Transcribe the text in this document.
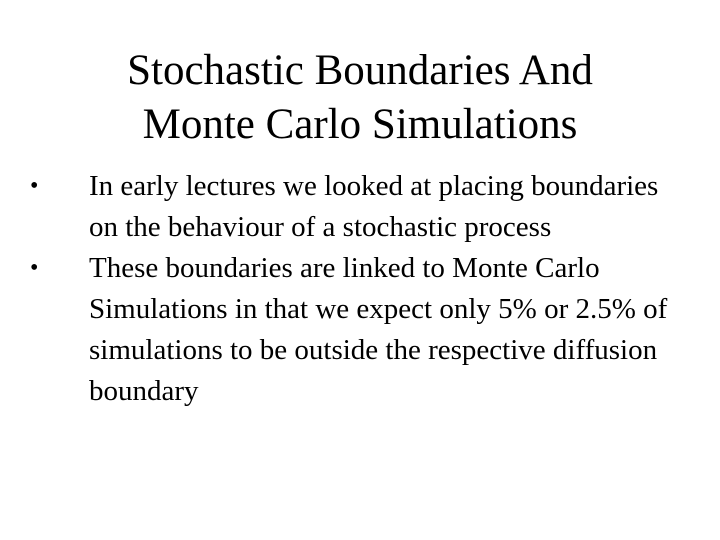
Stochastic Boundaries And
Monte Carlo Simulations
•	In early lectures we looked at placing boundaries on the behaviour of a stochastic process
•	These boundaries are linked to Monte Carlo Simulations in that we expect only 5% or 2.5% of simulations to be outside the respective diffusion boundary
